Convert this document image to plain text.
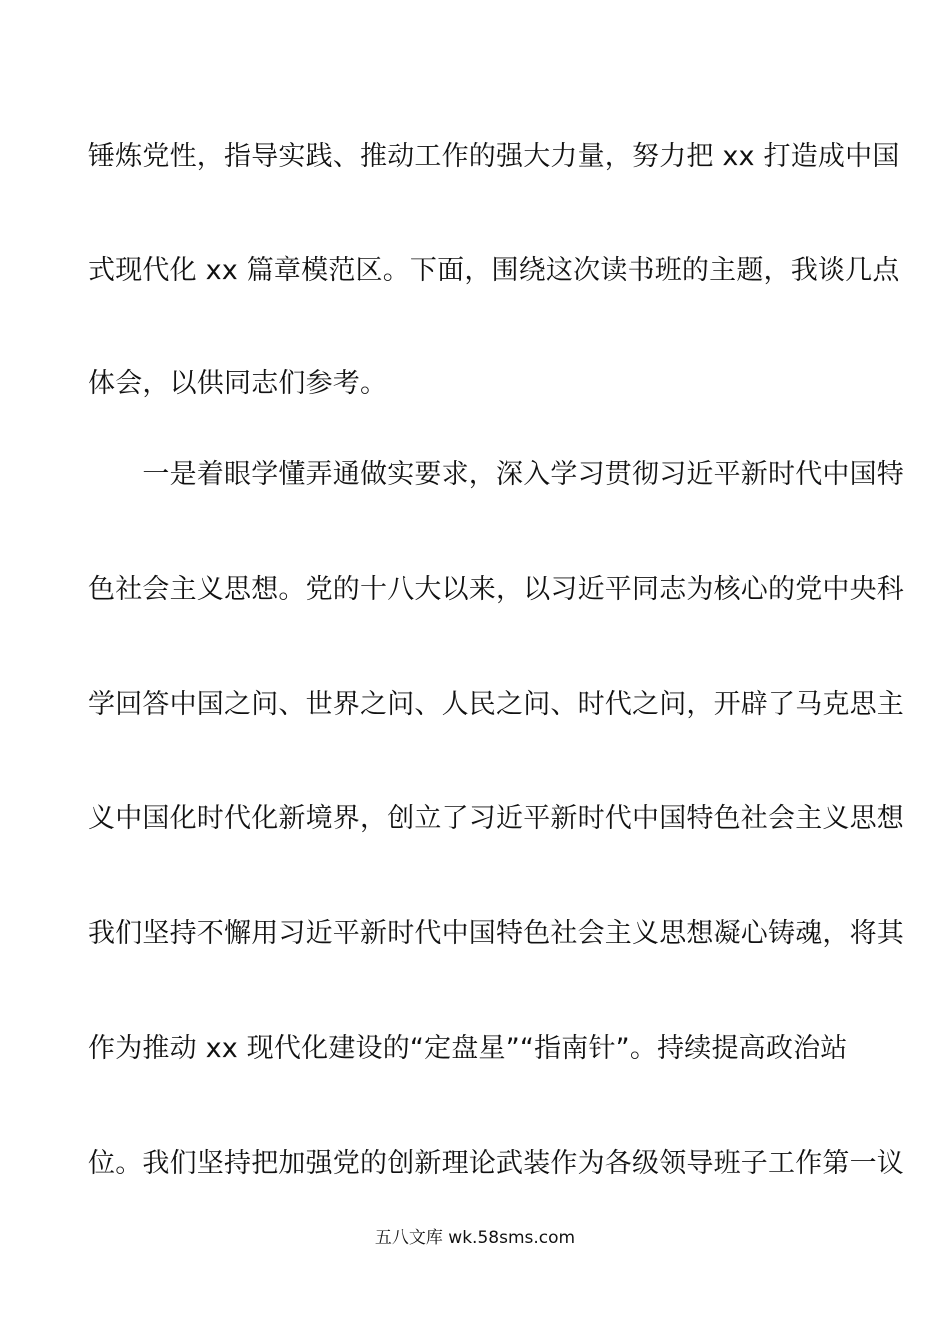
锤炼党性，指导实践、推动工作的强大力量，努力把 xx 打造成中国
式现代化 xx 篇章模范区。下面，围绕这次读书班的主题，我谈几点
体会，以供同志们参考。
　　一是着眼学懂弄通做实要求，深入学习贯彻习近平新时代中国特
色社会主义思想。党的十八大以来，以习近平同志为核心的党中央科
学回答中国之问、世界之问、人民之问、时代之问，开辟了马克思主
义中国化时代化新境界，创立了习近平新时代中国特色社会主义思想
我们坚持不懈用习近平新时代中国特色社会主义思想凝心铸魂，将其
作为推动 xx 现代化建设的“定盘星”“指南针”。持续提高政治站
位。我们坚持把加强党的创新理论武装作为各级领导班子工作第一议
五八文库 wk.58sms.com
